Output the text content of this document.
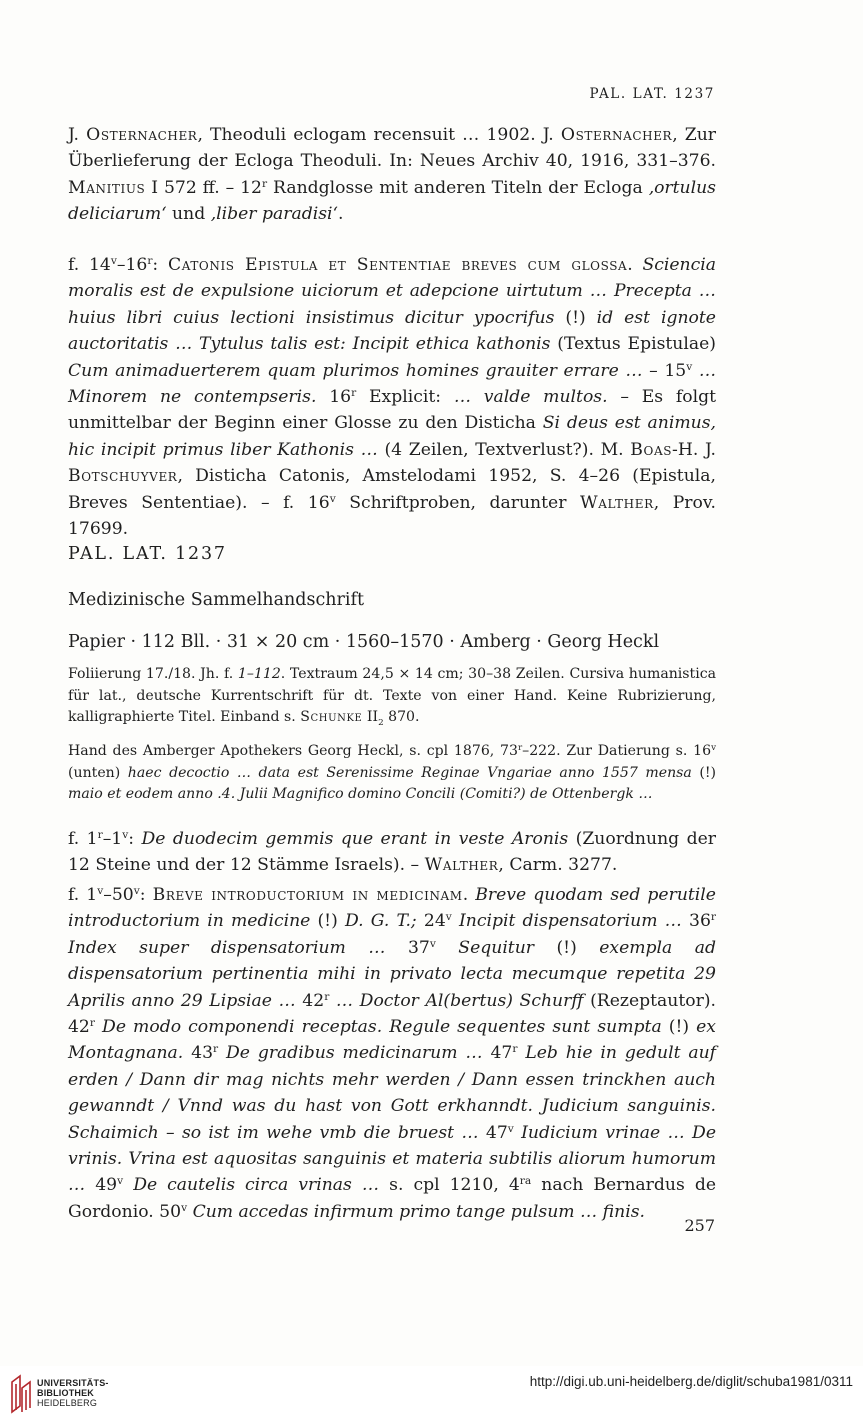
PAL. LAT. 1237
J. Osternacher, Theoduli eclogam recensuit … 1902. J. Osternacher, Zur Überlieferung der Ecloga Theoduli. In: Neues Archiv 40, 1916, 331–376. Manitius I 572 ff. – 12$^r$ Randglosse mit anderen Titeln der Ecloga ‚ortulus deliciarum‘ und ‚liber paradisi‘.
f. 14$^v$–16$^r$: Catonis Epistula et Sententiae breves cum glossa. Sciencia moralis est de expulsione uiciorum et adepcione uirtutum … Precepta … huius libri cuius lectioni insistimus dicitur ypocrifus (!) id est ignote auctoritatis … Tytulus talis est: Incipit ethica kathonis (Textus Epistulae) Cum animaduerterem quam plurimos homines grauiter errare … – 15$^v$ … Minorem ne contempseris. 16$^r$ Explicit: … valde multos. – Es folgt unmittelbar der Beginn einer Glosse zu den Disticha Si deus est animus, hic incipit primus liber Kathonis … (4 Zeilen, Textverlust?). M. Boas-H. J. Botschuyver, Disticha Catonis, Amstelodami 1952, S. 4–26 (Epistula, Breves Sententiae). – f. 16$^v$ Schriftproben, darunter Walther, Prov. 17699.
PAL. LAT. 1237
Medizinische Sammelhandschrift
Papier · 112 Bll. · 31 × 20 cm · 1560–1570 · Amberg · Georg Heckl
Foliierung 17./18. Jh. f. 1–112. Textraum 24,5 × 14 cm; 30–38 Zeilen. Cursiva humanistica für lat., deutsche Kurrentschrift für dt. Texte von einer Hand. Keine Rubrizierung, kalligraphierte Titel. Einband s. Schunke $II_2$ 870.
Hand des Amberger Apothekers Georg Heckl, s. cpl 1876, 73$^r$–222. Zur Datierung s. 16$^v$ (unten) haec decoctio … data est Serenissime Reginae Vngariae anno 1557 mensa (!) maio et eodem anno .4. Julii Magnifico domino Concili (Comiti?) de Ottenbergk …
f. 1$^r$–1$^v$: De duodecim gemmis que erant in veste Aronis (Zuordnung der 12 Steine und der 12 Stämme Israels). – Walther, Carm. 3277.
f. 1$^v$–50$^v$: Breve introductorium in medicinam. Breve quodam sed perutile introductorium in medicine (!) D. G. T.; 24$^v$ Incipit dispensatorium … 36$^r$ Index super dispensatorium … 37$^v$ Sequitur (!) exempla ad dispensatorium pertinentia mihi in privato lecta mecumque repetita 29 Aprilis anno 29 Lipsiae … 42$^r$ … Doctor Al(bertus) Schurff (Rezeptautor). 42$^r$ De modo componendi receptas. Regule sequentes sunt sumpta (!) ex Montagnana. 43$^r$ De gradibus medicinarum … 47$^r$ Leb hie in gedult auf erden / Dann dir mag nichts mehr werden / Dann essen trinckhen auch gewanndt / Vnnd was du hast von Gott erkhanndt. Judicium sanguinis. Schaimich – so ist im wehe vmb die bruest … 47$^v$ Iudicium vrinae … De vrinis. Vrina est aquositas sanguinis et materia subtilis aliorum humorum … 49$^v$ De cautelis circa vrinas … s. cpl 1210, $4^{ra}$ nach Bernardus de Gordonio. 50$^v$ Cum accedas infirmum primo tange pulsum … finis.
257
UNIVERSITÄTS-
BIBLIOTHEK
HEIDELBERG
http://digi.ub.uni-heidelberg.de/diglit/schuba1981/0311
